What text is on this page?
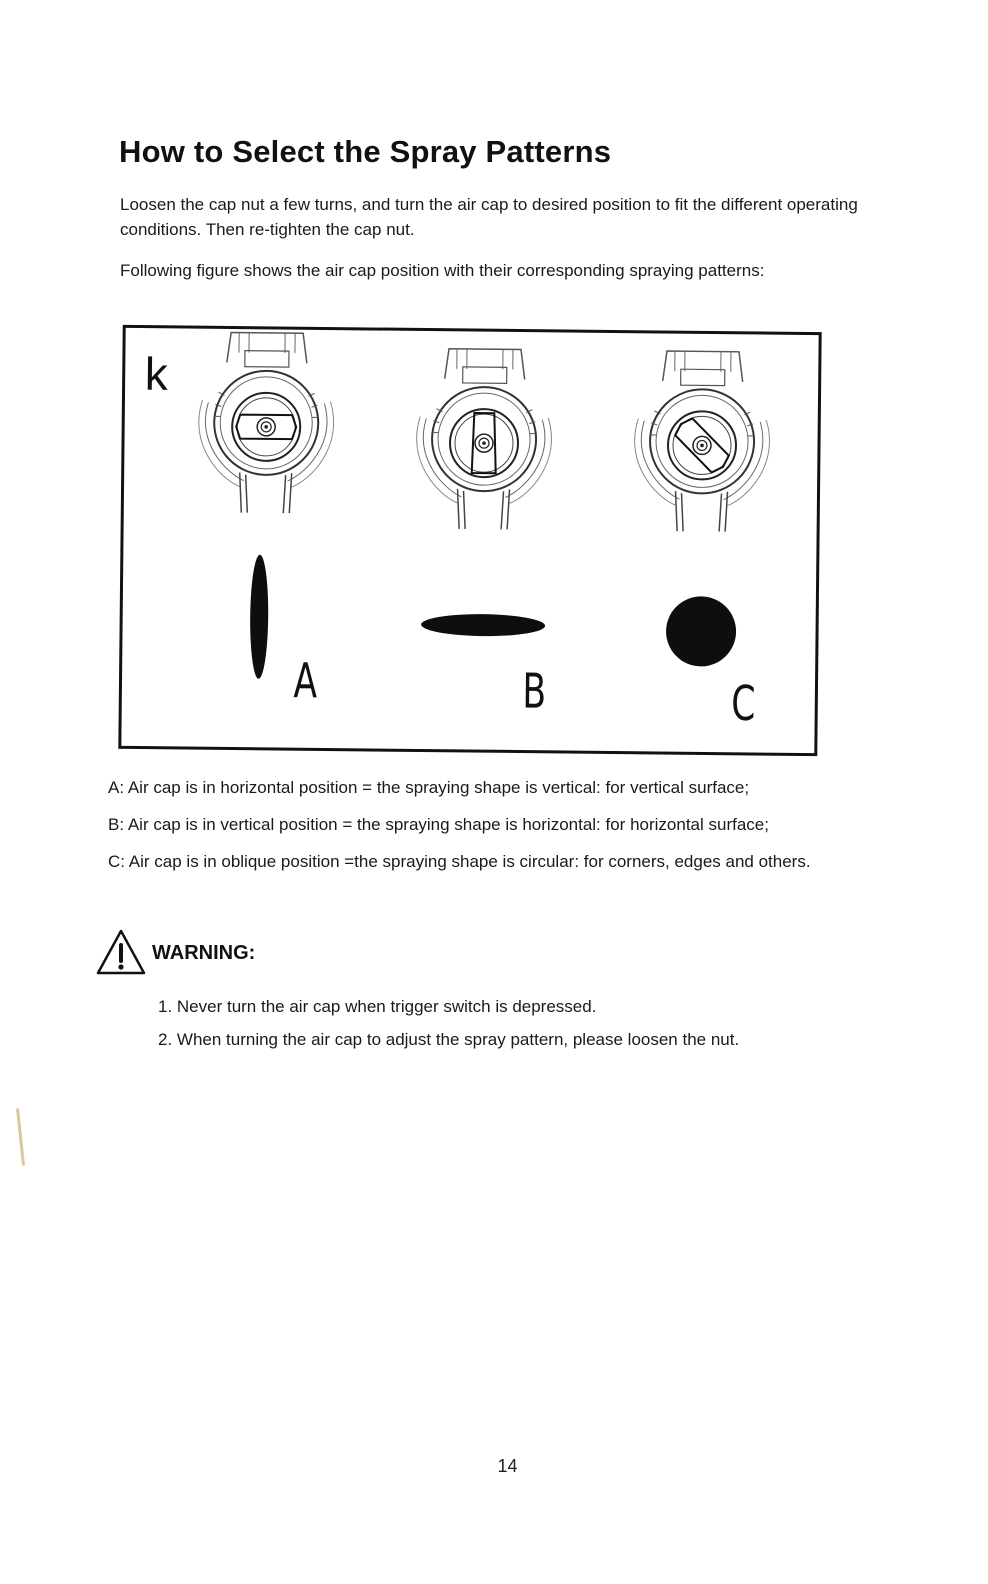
How to Select the Spray Patterns
Loosen the cap nut a few turns, and turn the air cap to desired position to fit the different operating conditions. Then re-tighten the cap nut.
Following figure shows the air cap position with their corresponding spraying patterns:
k
A	B	C
A: Air cap is in horizontal position = the spraying shape is vertical: for vertical surface;
B: Air cap is in vertical position = the spraying shape is horizontal: for horizontal surface;
C: Air cap is in oblique position =the spraying shape is circular: for corners, edges and others.
WARNING:
1. Never turn the air cap when trigger switch is depressed.
2. When turning the air cap to adjust the spray pattern, please loosen the nut.
14
